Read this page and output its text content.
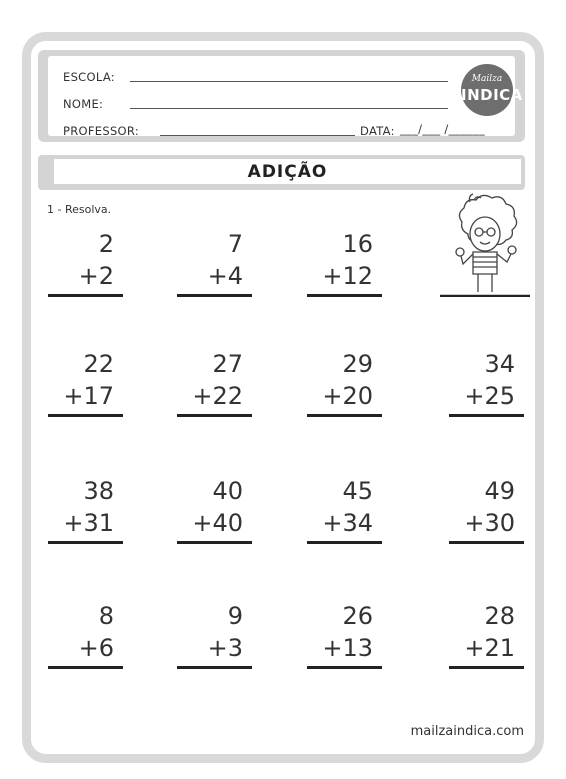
ESCOLA:
NOME:
PROFESSOR:	DATA: ___/___ /______
Mailza
INDICA
ADIÇÃO
1 - Resolva.
2
+2
7
+4
16
+12
22
+17
27
+22
29
+20
34
+25
38
+31
40
+40
45
+34
49
+30
8
+6
9
+3
26
+13
28
+21
mailzaindica.com
